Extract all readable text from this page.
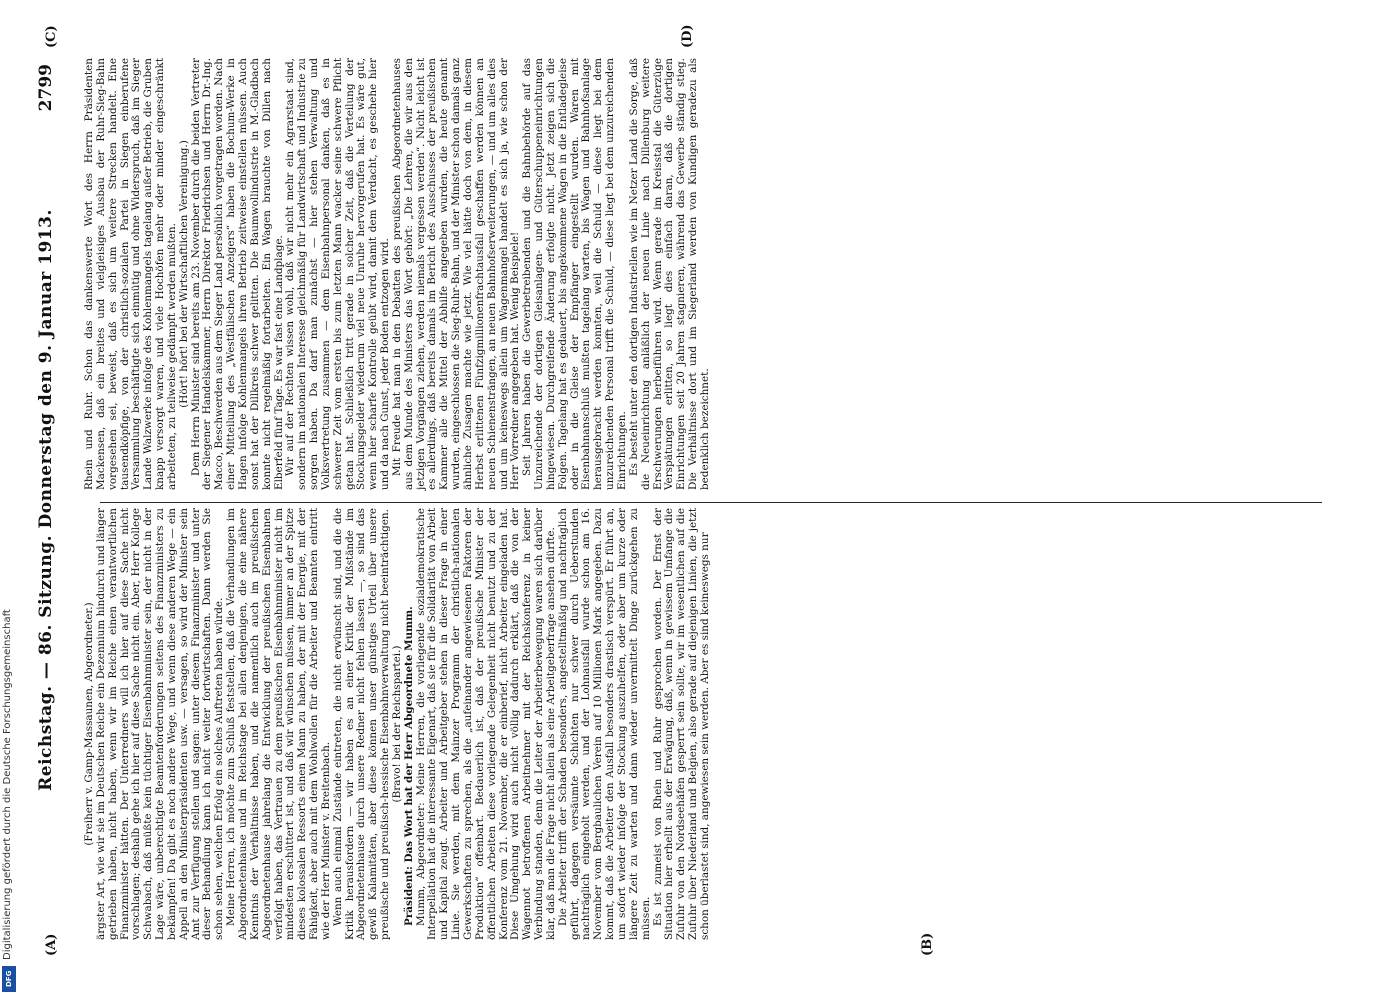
Reichstag. — 86. Sitzung. Donnerstag den 9. Januar 1913.
2799
(A)	(B)
(C)	(D)

(Freiherr v. Gamp-Massaunen, Abgeordneter.) ärgster Art, wie wir sie im Deutschen Reiche ein Dezennium hindurch und länger getrieben haben, nicht haben, wenn wir im Reiche einen verantwortlichen Finanzminister hätten. Der Unterredners will ich hier auf diese Sache nicht vorschlagen; deshalb gehe ich hier auf diese Sache nicht ein. Aber, Herr Kollege Schwabach, daß müßte kein tüchtiger Eisenbahnminister sein, der nicht in der Lage wäre, unberechtigte Beamtenforderungen seitens des Finanzministers zu bekämpfen! Da gibt es noch andere Wege, und wenn diese anderen Wege — ein Appell an den Ministerpräsidenten usw. — versagen, so wird der Minister sein Amt zur Verfügung stellen und sagen: unter diesem Finanzminister und unter dieser Behandlung kann ich nicht weiter fortwirtschaften. Dann werden Sie schon sehen, welchen Erfolg ein solches Auftreten haben würde. Meine Herren, ich möchte zum Schluß feststellen, daß die Verhandlungen im Abgeordnetenhause und im Reichstage bei allen denjenigen, die eine nähere Kenntnis der Verhältnisse haben, und die namentlich auch im preußischen Abgeordnetenhause jahrelang die Entwicklung der preußischen Eisenbahnen verfolgt haben, das Vertrauen zu dem preußischen Eisenbahnminister nicht im mindesten erschüttert ist, und daß wir wünschen müssen, immer an der Spitze dieses kolossalen Ressorts einen Mann zu haben, der mit der Energie, mit der Fähigkeit, aber auch mit dem Wohlwollen für die Arbeiter und Beamten eintritt wie der Herr Minister v. Breitenbach. Wenn auch einmal Zustände eintreten, die nicht erwünscht sind, und die die Kritik herausfordern — wir haben es an einer Kritik der Mißstände im Abgeordnetenhause durch unsere Redner nicht fehlen lassen —, so sind das gewiß Kalamitäten, aber diese können unser günstiges Urteil über unsere preußische und preußisch-hessische Eisenbahnverwaltung nicht beeinträchtigen. (Bravo! bei der Reichspartei.) Präsident: Das Wort hat der Herr Abgeordnete Mumm. Mumm, Abgeordneter: Meine Herren, die vorliegende sozialdemokratische Interpellation hat die interessante Eigenart, daß sie für die Solidarität von Arbeit und Kapital zeugt. Arbeiter und Arbeitgeber stehen in dieser Frage in einer Linie. Sie werden, mit dem Mainzer Programm der christlich-nationalen Gewerkschaften zu sprechen, als die „aufeinander angewiesenen Faktoren der Produktion“ offenbart. Bedauerlich ist, daß der preußische Minister der öffentlichen Arbeiten diese vorliegende Gelegenheit nicht benutzt und zu der Konferenz vom 21. November, die er einberief, nicht Arbeiter eingeladen hat. Diese Umgehung wird auch nicht völlig dadurch erklärt, daß die von der Wagennot betroffenen Arbeitnehmer mit der Reichskonferenz in keiner Verbindung standen, denn die Leiter der Arbeiterbewegung waren sich darüber klar, daß man die Frage nicht allein als eine Arbeitgeberfrage ansehen dürfte. Die Arbeiter trifft der Schaden besonders, angestelltmäßig und nachträglich geführt, dagegen versäumte Schichten nur schwer durch Ueberstunden nachträglich eingeholt werden, und der Lohnausfall wurde schon am 16. November vom Bergbaulichen Verein auf 10 Millionen Mark angegeben. Dazu kommt, daß die Arbeiter den Ausfall besonders drastisch verspürt. Er führt an, um sofort wieder infolge der Stockung auszuhelfen, oder aber um kurze oder längere Zeit zu warten und dann wieder unvermittelt Dinge zurückgehen zu müssen. Es ist zumeist von Rhein und Ruhr gesprochen worden. Der Ernst der Situation hier erhellt aus der Erwägung, daß, wenn in gewissem Umfange die Zufuhr von den Nordseehäfen gesperrt sein sollte, wir im wesentlichen auf die Zufuhr über Niederland und Belgien, also gerade auf diejenigen Linien, die jetzt schon überlastet sind, angewiesen sein werden. Aber es sind keineswegs nur

Rhein und Ruhr. Schon das dankenswerte Wort des Herrn Präsidenten Mackensen, daß ein breites und vielgleisiges Ausbau der Ruhr-Sieg-Bahn vorgesehen sei, beweist, daß es sich um weitere Strecken handelt. Eine tausendköpfige, von der christlich-sozialen Partei in Siegen einberufene Versammlung beschäftigte sich einmütig und ohne Widerspruch, daß im Sieger Lande Walzwerke infolge des Kohlenmangels tagelang außer Betrieb, die Gruben knapp versorgt waren, und viele Hochöfen mehr oder minder eingeschränkt arbeiteten, zu teilweise gedämpft werden mußten. (Hört! hört! bei der Wirtschaftlichen Vereinigung.) Dem Herrn Minister sind bereits am 23. November durch die beiden Vertreter der Siegener Handelskammer, Herrn Direktor Friedrichsen und Herrn Dr.-Ing. Macco, Beschwerden aus dem Sieger Land persönlich vorgetragen worden. Nach einer Mitteilung des „Westfälischen Anzeigers“ haben die Bochum-Werke in Hagen infolge Kohlenmangels ihren Betrieb zeitweise einstellen müssen. Auch sonst hat der Dillkreis schwer gelitten. Die Baumwollindustrie in M.-Gladbach konnte nicht regelmäßig fortarbeiten. Ein Wagen brauchte von Dillen nach Elberfeld fünf Tage. Es war fast eine Landplage. Wir auf der Rechten wissen wohl, daß wir nicht mehr ein Agrarstaat sind, sondern im nationalen Interesse gleichmäßig für Landwirtschaft und Industrie zu sorgen haben. Da darf man zunächst — hier stehen Verwaltung und Volksvertretung zusammen — dem Eisenbahnpersonal danken, daß es in schwerer Zeit vom ersten bis zum letzten Mann wacker seine schwere Pflicht getan hat. Schließlich tritt gerade in solcher Zeit, daß die Verteilung der Stockungsgelder wiederum viel neue Unruhe hervorgerufen hat. Es wäre gut, wenn hier scharfe Kontrolle geübt wird, damit dem Verdacht, es geschehe hier und da nach Gunst, jeder Boden entzogen wird. Mit Freude hat man in den Debatten des preußischen Abgeordnetenhauses aus dem Munde des Ministers das Wort gehört: „Die Lehren, die wir aus den jetzigen Vorgängen ziehen, werden niemals vergessen werden“. Nicht leicht ist es allerdings, daß bereits damals im Bericht des Ausschusses der preußischen Kammer alle die Mittel der Abhilfe angegeben wurden, die heute genannt wurden, eingeschlossen die Sieg-Ruhr-Bahn, und der Minister schon damals ganz ähnliche Zusagen machte wie jetzt. Wie viel hätte doch von dem, in diesem Herbst erlittenen Fünfzigmillionenfrachtausfall geschaffen werden können an neuen Schienensträngen, an neuen Bahnhofserweiterungen, — und um alles dies und um keineswegs allein um Wagenmangel handelt es sich ja, wie schon der Herr Vorredner angegeben hat. Wenig Beispiele! Seit Jahren haben die Gewerbetreibenden und die Bahnbehörde auf das Unzureichende der dortigen Gleisanlagen- und Güterschuppeneinrichtungen hingewiesen. Durchgreifende Änderung erfolgte nicht. Jetzt zeigen sich die Folgen. Tagelang hat es gedauert, bis angekommene Wagen in die Entladegleise oder in die Gleise der Empfänger eingestellt wurden. Waren mit Eisenbahnanschluß mußten tagelang warten, bis Wagen und Bahnhofsanlage herausgebracht werden konnten, weil die Schuld — diese liegt bei dem unzureichenden Personal trifft die Schuld, — diese liegt bei dem unzureichenden Einrichtungen. Es besteht unter den dortigen Industriellen wie im Netzer Land die Sorge, daß die Neueinrichtung anläßlich der neuen Linie nach Dillenburg weitere Erschwerungen herbeiführen wird. Wenn gerade im Kreisstal die Güterzüge Verspätungen erlitten, so liegt dies einfach daran, daß die dortigen Einrichtungen seit 20 Jahren stagnieren, während das Gewerbe ständig stieg. Die Verhältnisse dort und im Siegerland werden von Kundigen geradezu als bedenklich bezeichnet.

Digitalisierung gefördert durch die Deutsche Forschungsgemeinschaft
DFG
